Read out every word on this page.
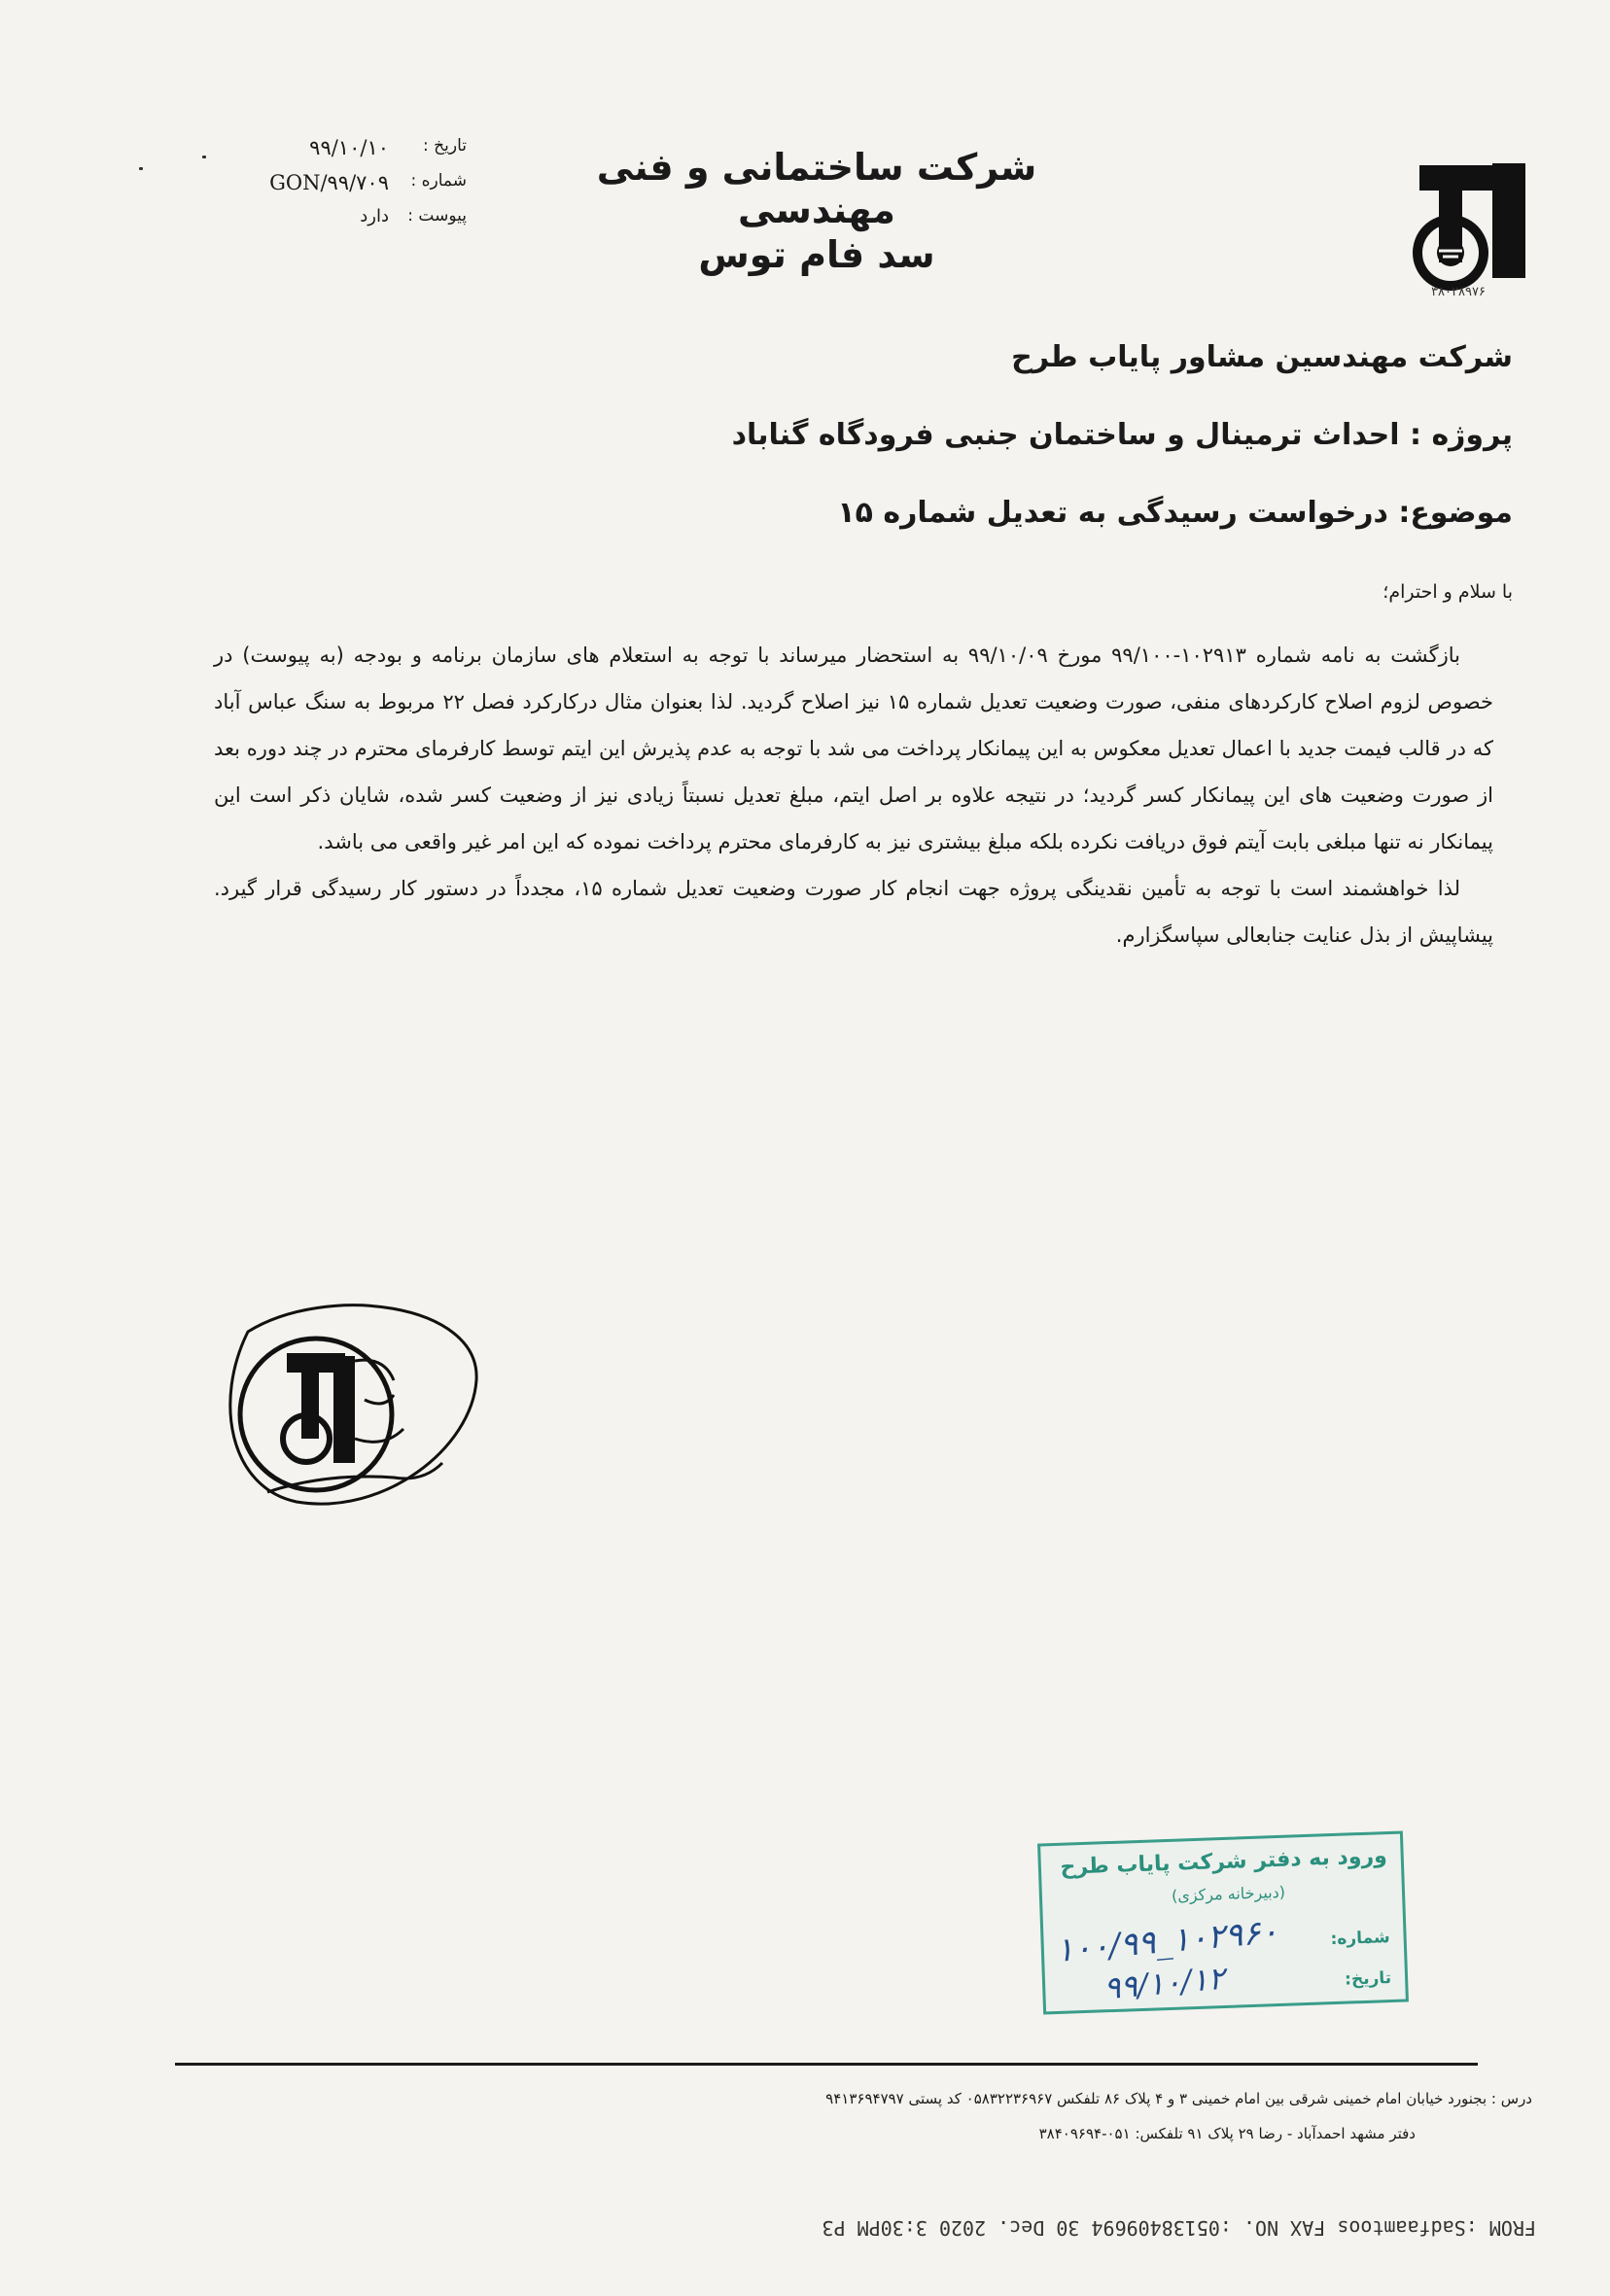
۳۸۰۲۸۹۷۶
شرکت ساختمانی و فنی مهندسی
سد فام توس
تاریخ :
۹۹/۱۰/۱۰
شماره :
GON/۹۹/۷۰۹
پیوست :
دارد
شرکت مهندسین مشاور پایاب طرح
پروژه : احداث ترمینال و ساختمان جنبی فرودگاه گناباد
موضوع: درخواست رسیدگی به تعدیل شماره ۱۵
با سلام و احترام؛

بازگشت به نامه شماره ۱۰۲۹۱۳-۹۹/۱۰۰ مورخ ۹۹/۱۰/۰۹ به استحضار میرساند با توجه به استعلام های سازمان برنامه و بودجه (به پیوست) در خصوص لزوم اصلاح کارکردهای منفی، صورت وضعیت تعدیل شماره ۱۵ نیز اصلاح گردید. لذا بعنوان مثال درکارکرد فصل ۲۲ مربوط به سنگ عباس آباد که در قالب فیمت جدید با اعمال تعدیل معکوس به این پیمانکار پرداخت می شد با توجه به عدم پذیرش این ایتم توسط کارفرمای محترم در چند دوره بعد از صورت وضعیت های این پیمانکار کسر گردید؛ در نتیجه علاوه بر اصل ایتم، مبلغ تعدیل نسبتاً زیادی نیز از وضعیت کسر شده، شایان ذکر است این پیمانکار نه تنها مبلغی بابت آیتم فوق دریافت نکرده بلکه مبلغ بیشتری نیز به کارفرمای محترم پرداخت نموده که این امر غیر واقعی می باشد.

لذا خواهشمند است با توجه به تأمین نقدینگی پروژه جهت انجام کار صورت وضعیت تعدیل شماره ۱۵، مجدداً در دستور کار رسیدگی قرار گیرد. پیشاپیش از بذل عنایت جنابعالی سپاسگزارم.

ورود به دفتر شرکت پایاب طرح
(دبیرخانه مرکزی)
شماره:
تاریخ:
۱۰۰/۹۹_۱۰۲۹۶۰
۹۹/۱۰/۱۲
درس : بجنورد خیابان امام خمینی شرقی بین امام خمینی ۳ و ۴ پلاک ۸۶ تلفکس ۰۵۸۳۲۲۳۶۹۶۷ کد پستی ۹۴۱۳۶۹۴۷۹۷
دفتر مشهد احمدآباد - رضا ۲۹ پلاک ۹۱ تلفکس: ۰۵۱-۳۸۴۰۹۶۹۴
FROM :Sadfaamtoos FAX NO. :05138409694 30 Dec. 2020 3:30PM P3
